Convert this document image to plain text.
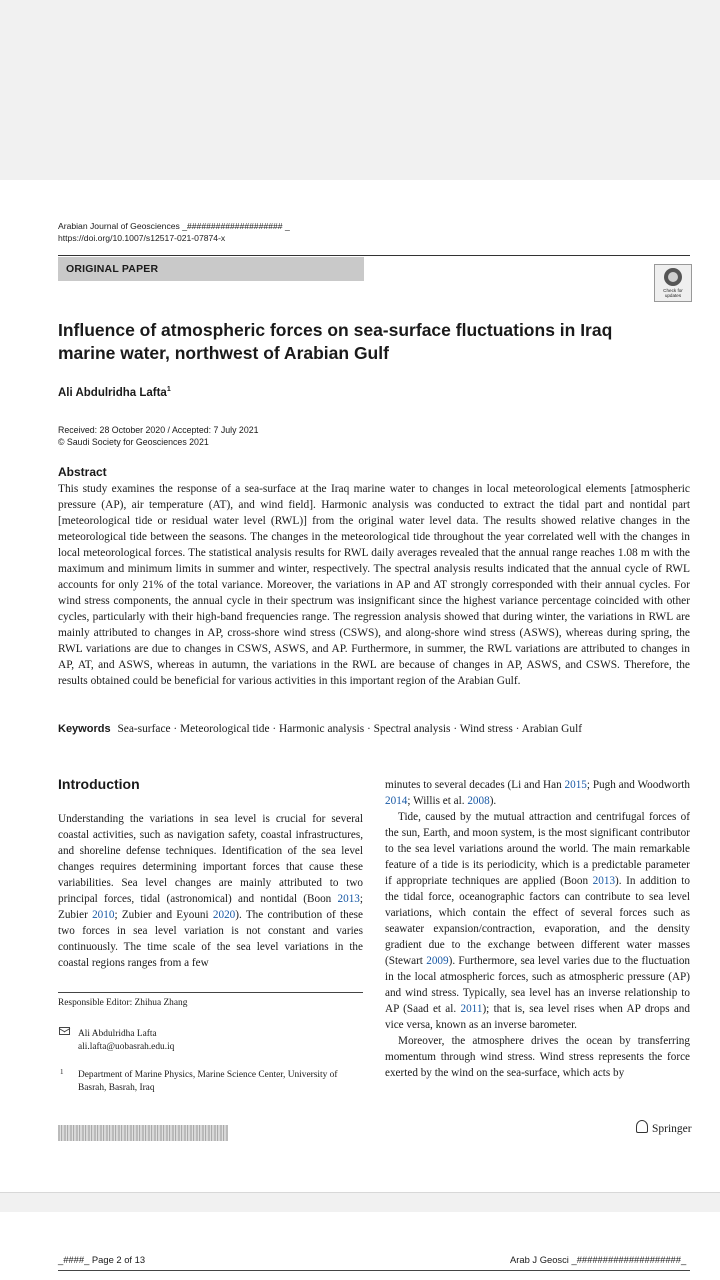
Arabian Journal of Geosciences _#################### _
https://doi.org/10.1007/s12517-021-07874-x
ORIGINAL PAPER
Check for updates
Influence of atmospheric forces on sea-surface fluctuations in Iraq marine water, northwest of Arabian Gulf
Ali Abdulridha Lafta$^1$
Received: 28 October 2020 / Accepted: 7 July 2021
© Saudi Society for Geosciences 2021
Abstract
This study examines the response of a sea-surface at the Iraq marine water to changes in local meteorological elements [atmospheric pressure (AP), air temperature (AT), and wind field]. Harmonic analysis was conducted to extract the tidal part and nontidal part [meteorological tide or residual water level (RWL)] from the original water level data. The results showed relative changes in the meteorological tide between the seasons. The changes in the meteorological tide throughout the year correlated well with the changes in local meteorological forces. The statistical analysis results for RWL daily averages revealed that the annual range reaches 1.08 m with the maximum and minimum limits in summer and winter, respectively. The spectral analysis results indicated that the annual cycle of RWL accounts for only 21% of the total variance. Moreover, the variations in AP and AT strongly corresponded with their annual cycles. For wind stress components, the annual cycle in their spectrum was insignificant since the highest variance percentage coincided with other cycles, particularly with their high-band frequencies range. The regression analysis showed that during winter, the variations in RWL are mainly attributed to changes in AP, cross-shore wind stress (CSWS), and along-shore wind stress (ASWS), whereas during spring, the RWL variations are due to changes in CSWS, ASWS, and AP. Furthermore, in summer, the RWL variations are attributed to changes in AP, AT, and ASWS, whereas in autumn, the variations in the RWL are because of changes in AP, ASWS, and CSWS. Therefore, the results obtained could be beneficial for various activities in this important region of the Arabian Gulf.
Keywords Sea-surface · Meteorological tide · Harmonic analysis · Spectral analysis · Wind stress · Arabian Gulf
Introduction

Understanding the variations in sea level is crucial for several coastal activities, such as navigation safety, coastal infrastructures, and shoreline defense techniques. Identification of the sea level changes requires determining important forces that cause these variabilities. Sea level changes are mainly attributed to two principal forces, tidal (astronomical) and nontidal (Boon 2013; Zubier 2010; Zubier and Eyouni 2020). The contribution of these two forces in sea level variation is not constant and varies continuously. The time scale of the sea level variations in the coastal regions ranges from a few

minutes to several decades (Li and Han 2015; Pugh and Woodworth 2014; Willis et al. 2008).

Tide, caused by the mutual attraction and centrifugal forces of the sun, Earth, and moon system, is the most significant contributor to the sea level variations around the world. The main remarkable feature of a tide is its periodicity, which is a predictable parameter if appropriate techniques are applied (Boon 2013). In addition to the tidal force, oceanographic factors can contribute to sea level variations, which contain the effect of several forces such as seawater expansion/contraction, evaporation, and the density gradient due to the exchange between different water masses (Stewart 2009). Furthermore, sea level varies due to the fluctuation in the local atmospheric forces, such as atmospheric pressure (AP) and wind stress. Typically, sea level has an inverse relationship to AP (Saad et al. 2011); that is, sea level rises when AP drops and vice versa, known as an inverse barometer.

Moreover, the atmosphere drives the ocean by transferring momentum through wind stress. Wind stress represents the force exerted by the wind on the sea-surface, which acts by

Responsible Editor: Zhihua Zhang
Ali Abdulridha Lafta
ali.lafta@uobasrah.edu.iq
1 Department of Marine Physics, Marine Science Center, University of Basrah, Basrah, Iraq
Springer
_####_ Page 2 of 13	Arab J Geosci _####################_
